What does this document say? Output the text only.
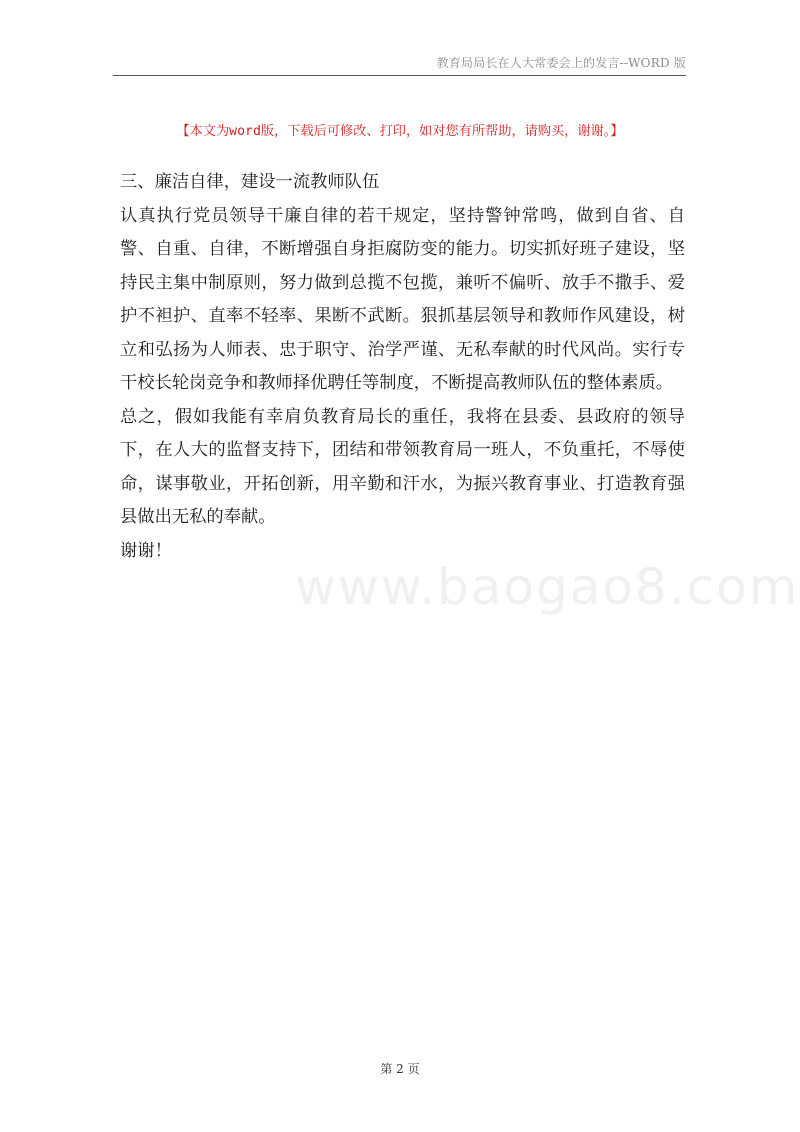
教育局局长在人大常委会上的发言--WORD 版
【本文为word版，下载后可修改、打印，如对您有所帮助，请购买，谢谢。】
www.baogao8.com

三、廉洁自律，建设一流教师队伍

认真执行党员领导干廉自律的若干规定，坚持警钟常鸣，做到自省、自警、自重、自律，不断增强自身拒腐防变的能力。切实抓好班子建设，坚持民主集中制原则，努力做到总揽不包揽，兼听不偏听、放手不撒手、爱护不袒护、直率不轻率、果断不武断。狠抓基层领导和教师作风建设，树立和弘扬为人师表、忠于职守、治学严谨、无私奉献的时代风尚。实行专干校长轮岗竞争和教师择优聘任等制度，不断提高教师队伍的整体素质。

总之，假如我能有幸肩负教育局长的重任，我将在县委、县政府的领导下，在人大的监督支持下，团结和带领教育局一班人，不负重托，不辱使命，谋事敬业，开拓创新，用辛勤和汗水，为振兴教育事业、打造教育强县做出无私的奉献。

谢谢！

第 2 页
